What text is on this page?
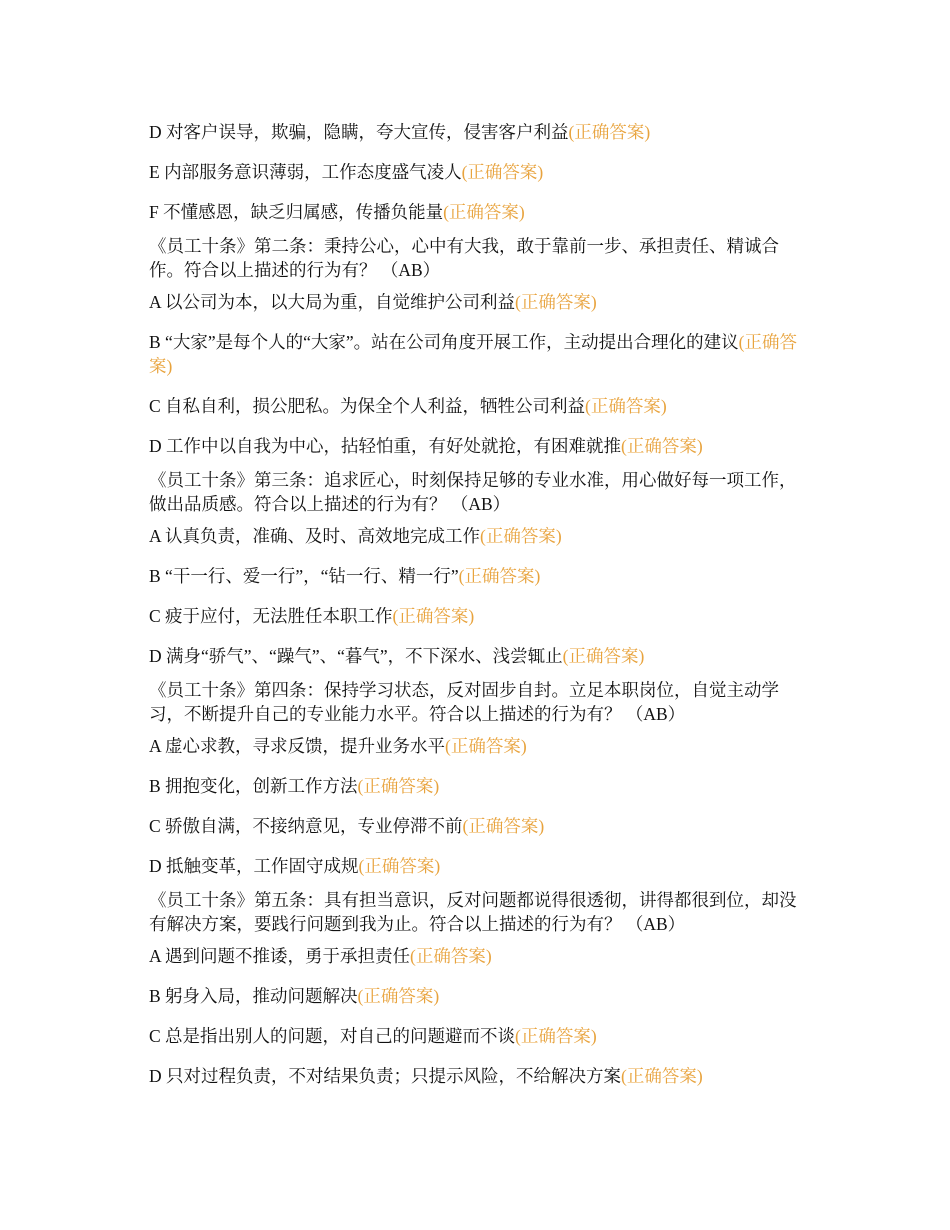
D 对客户误导，欺骗，隐瞒，夸大宣传，侵害客户利益(正确答案)

E 内部服务意识薄弱，工作态度盛气凌人(正确答案)

F 不懂感恩，缺乏归属感，传播负能量(正确答案)

《员工十条》第二条：秉持公心，心中有大我，敢于靠前一步、承担责任、精诚合作。符合以上描述的行为有？ （AB）

A 以公司为本，以大局为重，自觉维护公司利益(正确答案)

B “大家”是每个人的“大家”。站在公司角度开展工作，主动提出合理化的建议(正确答案)

C 自私自利，损公肥私。为保全个人利益，牺牲公司利益(正确答案)

D 工作中以自我为中心，拈轻怕重，有好处就抢，有困难就推(正确答案)

《员工十条》第三条：追求匠心，时刻保持足够的专业水准，用心做好每一项工作，做出品质感。符合以上描述的行为有？ （AB）

A 认真负责，准确、及时、高效地完成工作(正确答案)

B “干一行、爱一行”，“钻一行、精一行”(正确答案)

C 疲于应付，无法胜任本职工作(正确答案)

D 满身“骄气”、“躁气”、“暮气”，不下深水、浅尝辄止(正确答案)

《员工十条》第四条：保持学习状态，反对固步自封。立足本职岗位，自觉主动学习，不断提升自己的专业能力水平。符合以上描述的行为有？ （AB）

A 虚心求教，寻求反馈，提升业务水平(正确答案)

B 拥抱变化，创新工作方法(正确答案)

C 骄傲自满，不接纳意见，专业停滞不前(正确答案)

D 抵触变革，工作固守成规(正确答案)

《员工十条》第五条：具有担当意识，反对问题都说得很透彻，讲得都很到位，却没有解决方案，要践行问题到我为止。符合以上描述的行为有？ （AB）

A 遇到问题不推诿，勇于承担责任(正确答案)

B 躬身入局，推动问题解决(正确答案)

C 总是指出别人的问题，对自己的问题避而不谈(正确答案)

D 只对过程负责，不对结果负责；只提示风险，不给解决方案(正确答案)
